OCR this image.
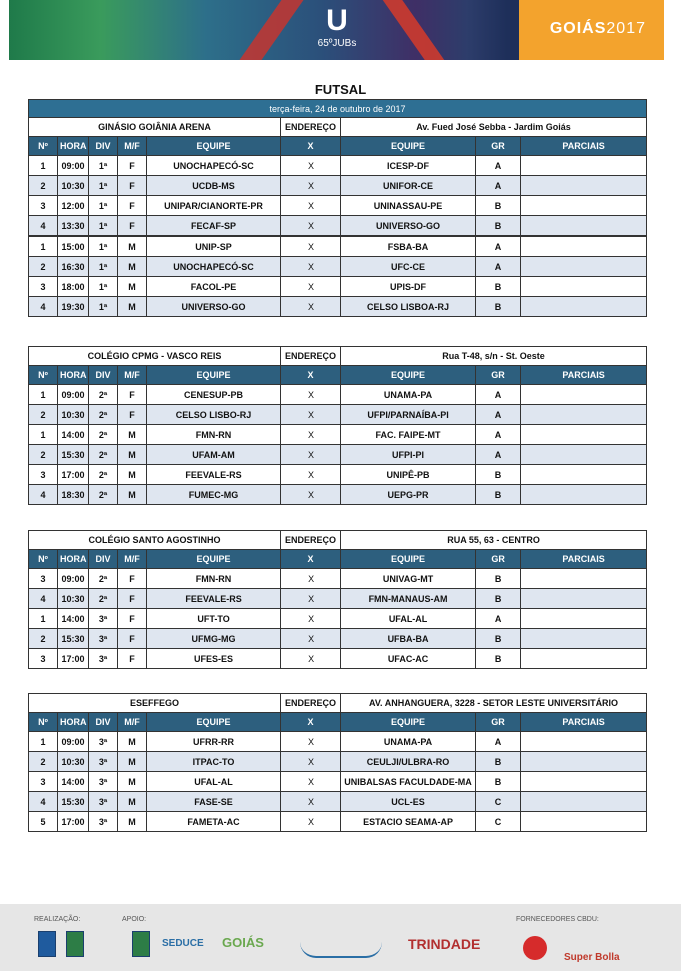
U
65ºJUBs
GOIÁS2017
FUTSAL
terça-feira, 24 de outubro de 2017								
GINÁSIO GOIÂNIA ARENA					ENDEREÇO	Av. Fued José Sebba - Jardim Goiás		
Nº	HORA	DIV	M/F	EQUIPE	X	EQUIPE	GR	PARCIAIS
1	09:00	1ª	F	UNOCHAPECÓ-SC	X	ICESP-DF	A	
2	10:30	1ª	F	UCDB-MS	X	UNIFOR-CE	A	
3	12:00	1ª	F	UNIPAR/CIANORTE-PR	X	UNINASSAU-PE	B	
4	13:30	1ª	F	FECAF-SP	X	UNIVERSO-GO	B	
1	15:00	1ª	M	UNIP-SP	X	FSBA-BA	A	
2	16:30	1ª	M	UNOCHAPECÓ-SC	X	UFC-CE	A	
3	18:00	1ª	M	FACOL-PE	X	UPIS-DF	B	
4	19:30	1ª	M	UNIVERSO-GO	X	CELSO LISBOA-RJ	B	
COLÉGIO CPMG - VASCO REIS					ENDEREÇO	Rua T-48, s/n - St. Oeste		
Nº	HORA	DIV	M/F	EQUIPE	X	EQUIPE	GR	PARCIAIS
1	09:00	2ª	F	CENESUP-PB	X	UNAMA-PA	A	
2	10:30	2ª	F	CELSO LISBO-RJ	X	UFPI/PARNAÍBA-PI	A	
1	14:00	2ª	M	FMN-RN	X	FAC. FAIPE-MT	A	
2	15:30	2ª	M	UFAM-AM	X	UFPI-PI	A	
3	17:00	2ª	M	FEEVALE-RS	X	UNIPÊ-PB	B	
4	18:30	2ª	M	FUMEC-MG	X	UEPG-PR	B	
COLÉGIO SANTO AGOSTINHO					ENDEREÇO	RUA 55, 63 - CENTRO		
Nº	HORA	DIV	M/F	EQUIPE	X	EQUIPE	GR	PARCIAIS
3	09:00	2ª	F	FMN-RN	X	UNIVAG-MT	B	
4	10:30	2ª	F	FEEVALE-RS	X	FMN-MANAUS-AM	B	
1	14:00	3ª	F	UFT-TO	X	UFAL-AL	A	
2	15:30	3ª	F	UFMG-MG	X	UFBA-BA	B	
3	17:00	3ª	F	UFES-ES	X	UFAC-AC	B	
ESEFFEGO					ENDEREÇO	AV. ANHANGUERA, 3228 - SETOR LESTE UNIVERSITÁRIO		
Nº	HORA	DIV	M/F	EQUIPE	X	EQUIPE	GR	PARCIAIS
1	09:00	3ª	M	UFRR-RR	X	UNAMA-PA	A	
2	10:30	3ª	M	ITPAC-TO	X	CEULJI/ULBRA-RO	B	
3	14:00	3ª	M	UFAL-AL	X	UNIBALSAS FACULDADE-MA	B	
4	15:30	3ª	M	FASE-SE	X	UCL-ES	C	
5	17:00	3ª	M	FAMETA-AC	X	ESTACIO SEAMA-AP	C	
REALIZAÇÃO:	APOIO:	FORNECEDORES CBDU:
SEDUCE GOIÁS	TRINDADE
Super Bolla
